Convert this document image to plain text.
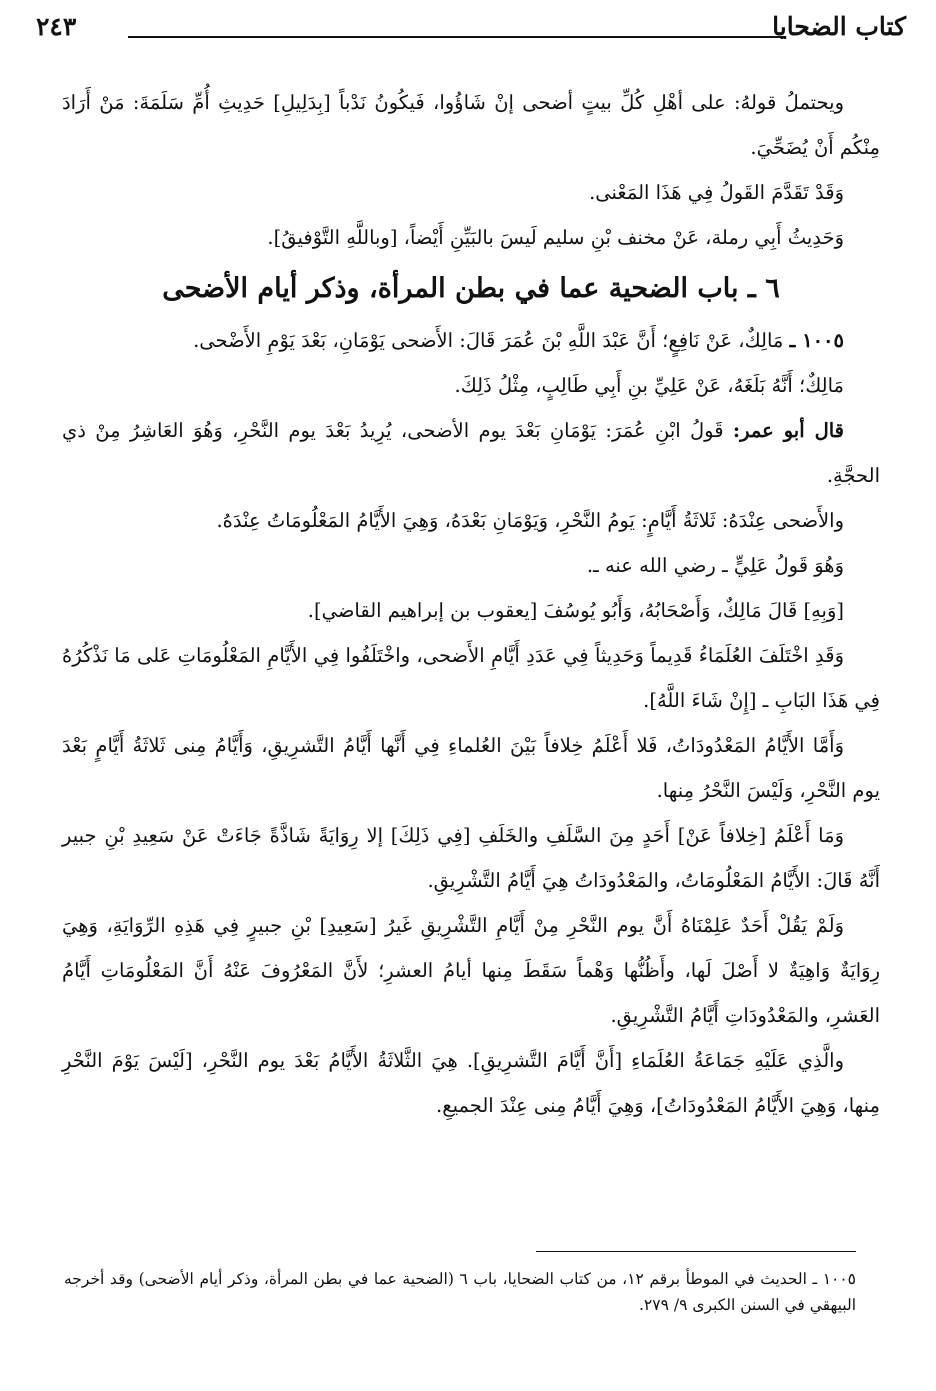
كتاب الضحايا
٢٤٣

ويحتملُ قولهُ: على أهْلِ كُلِّ بيتٍ أضحى إنْ شَاؤُوا، فَيكُونُ نَدْباً [بِدَلِيلِ] حَدِيثِ أُمِّ سَلَمَةَ: مَنْ أَرَادَ مِنْكُم أَنْ يُضَحِّيَ.

وَقَدْ تَقَدَّمَ القَولُ فِي هَذَا المَعْنى.

وَحَدِيثُ أَبِي رملة، عَنْ مخنف بْنِ سليم لَيسَ بالبَيِّنِ أَيْضاً، [وباللَّهِ التَّوْفيقُ].

٦ ـ باب الضحية عما في بطن المرأة، وذكر أيام الأضحى

١٠٠٥ ـ مَالِكٌ، عَنْ نَافِعٍ؛ أَنَّ عَبْدَ اللَّهِ بْنَ عُمَرَ قَالَ: الأَضحى يَوْمَانِ، بَعْدَ يَوْمِ الأَضْحى.

مَالِكٌ؛ أَنَّهُ بَلَغَهُ، عَنْ عَلِيِّ بنِ أَبِي طَالِبٍ، مِثْلُ ذَلِكَ.

قال أبو عمر: قَولُ ابْنِ عُمَرَ: يَوْمَانِ بَعْدَ يوم الأضحى، يُرِيدُ بَعْدَ يوم النَّحْرِ، وَهُوَ العَاشِرُ مِنْ ذي الحجَّةِ.

والأَضحى عِنْدَهُ: ثَلاثَةُ أَيَّامٍ: يَومُ النَّحْرِ، وَيَوْمَانِ بَعْدَهُ، وَهِيَ الأَيَّامُ المَعْلُومَاتُ عِنْدَهُ.

وَهُوَ قَولُ عَلِيٍّ ـ رضي الله عنه ـ.

[وَبِهِ] قَالَ مَالِكٌ، وَأَصْحَابُهُ، وَأَبُو يُوسُفَ [يعقوب بن إبراهيم القاضي].

وَقَدِ اخْتَلَفَ العُلَمَاءُ قَدِيماً وَحَدِيثاً فِي عَدَدِ أَيَّامِ الأَضحى، واخْتَلَفُوا فِي الأَيَّامِ المَعْلُومَاتِ عَلى مَا نَذْكُرُهُ فِي هَذَا البَابِ ـ [إِنْ شَاءَ اللَّهُ].

وَأَمَّا الأَيَّامُ المَعْدُودَاتُ، فَلا أَعْلَمُ خِلافاً بَيْنَ العُلماءِ فِي أَنَّها أَيَّامُ التَّشرِيقِ، وَأَيَّامُ مِنى ثَلاثَةُ أَيَّامٍ بَعْدَ يوم النَّحْرِ، وَلَيْسَ النَّحْرُ مِنها.

وَمَا أَعْلَمُ [خِلافاً عَنْ] أَحَدٍ مِنَ السَّلَفِ والخَلَفِ [فِي ذَلِكَ] إلا رِوَايَةً شَاذَّةً جَاءَتْ عَنْ سَعِيدِ بْنِ جبير أَنَّهُ قَالَ: الأَيَّامُ المَعْلُومَاتُ، والمَعْدُودَاتُ هِيَ أَيَّامُ التَّشْرِيقِ.

وَلَمْ يَقُلْ أَحَدٌ عَلِمْنَاهُ أَنَّ يوم النَّحْرِ مِنْ أَيَّامِ التَّشْرِيقِ غَيرُ [سَعِيدِ] بْنِ جبيرٍ فِي هَذِهِ الرِّوَايَةِ، وَهِيَ رِوَايَةٌ وَاهِيَةٌ لا أَصْلَ لَها، وأَظُنُّها وَهْماً سَقَطَ مِنها أيامُ العشرِ؛ لأَنَّ المَعْرُوفَ عَنْهُ أَنَّ المَعْلُومَاتِ أَيَّامُ العَشرِ، والمَعْدُودَاتِ أَيَّامُ التَّشْرِيقِ.

والَّذِي عَلَيْهِ جَمَاعَةُ العُلَمَاءِ [أَنَّ أَيَّامَ التَّشرِيقِ]. هِيَ الثَّلاثَةُ الأَيَّامُ بَعْدَ يوم النَّحْرِ، [لَيْسَ يَوْمَ النَّحْرِ مِنها، وَهِيَ الأَيَّامُ المَعْدُودَاتُ]، وَهِيَ أَيَّامُ مِنى عِنْدَ الجميعِ.

١٠٠٥ ـ الحديث في الموطأ برقم ١٢، من كتاب الضحايا، باب ٦ (الضحية عما في بطن المرأة، وذكر أيام الأضحى) وقد أخرجه البيهقي في السنن الكبرى ٩/ ٢٧٩.
